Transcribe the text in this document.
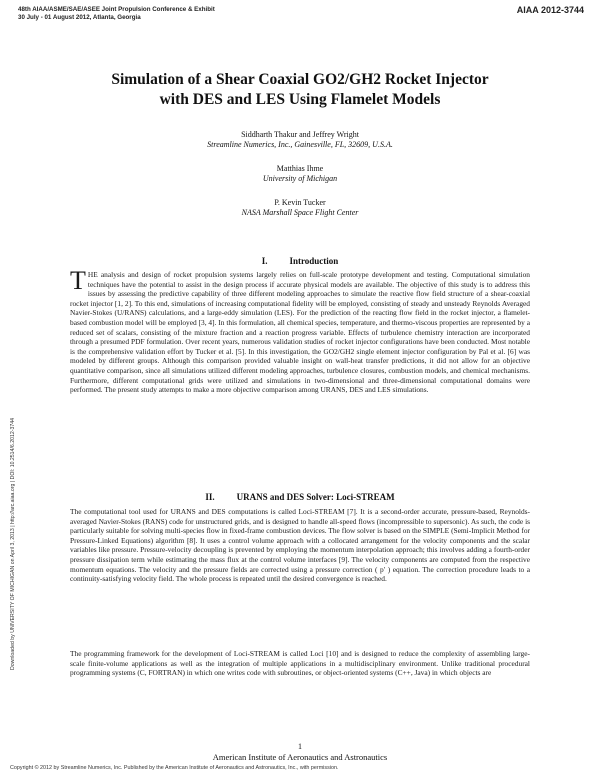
48th AIAA/ASME/SAE/ASEE Joint Propulsion Conference & Exhibit
30 July - 01 August 2012, Atlanta, Georgia
AIAA 2012-3744
Downloaded by UNIVERSITY OF MICHIGAN on April 3, 2013 | http://arc.aiaa.org | DOI: 10.2514/6.2012-3744
Simulation of a Shear Coaxial GO2/GH2 Rocket Injector
with DES and LES Using Flamelet Models
Siddharth Thakur and Jeffrey Wright
Streamline Numerics, Inc., Gainesville, FL, 32609, U.S.A.
Matthias Ihme
University of Michigan
P. Kevin Tucker
NASA Marshall Space Flight Center
I. Introduction
THE analysis and design of rocket propulsion systems largely relies on full-scale prototype development and testing. Computational simulation techniques have the potential to assist in the design process if accurate physical models are available. The objective of this study is to address this issues by assessing the predictive capability of three different modeling approaches to simulate the reactive flow field structure of a shear-coaxial rocket injector [1, 2]. To this end, simulations of increasing computational fidelity will be employed, consisting of steady and unsteady Reynolds Averaged Navier-Stokes (U/RANS) calculations, and a large-eddy simulation (LES). For the prediction of the reacting flow field in the rocket injector, a flamelet-based combustion model will be employed [3, 4]. In this formulation, all chemical species, temperature, and thermo-viscous properties are represented by a reduced set of scalars, consisting of the mixture fraction and a reaction progress variable. Effects of turbulence chemistry interaction are incorporated through a presumed PDF formulation. Over recent years, numerous validation studies of rocket injector configurations have been conducted. Most notable is the comprehensive validation effort by Tucker et al. [5]. In this investigation, the GO2/GH2 single element injector configuration by Pal et al. [6] was modeled by different groups. Although this comparison provided valuable insight on wall-heat transfer predictions, it did not allow for an objective quantitative comparison, since all simulations utilized different modeling approaches, turbulence closures, combustion models, and chemical mechanisms. Furthermore, different computational grids were utilized and simulations in two-dimensional and three-dimensional computational domains were performed. The present study attempts to make a more objective comparison among URANS, DES and LES simulations.
II. URANS and DES Solver: Loci-STREAM
The computational tool used for URANS and DES computations is called Loci-STREAM [7]. It is a second-order accurate, pressure-based, Reynolds-averaged Navier-Stokes (RANS) code for unstructured grids, and is designed to handle all-speed flows (incompressible to supersonic). As such, the code is particularly suitable for solving multi-species flow in fixed-frame combustion devices. The flow solver is based on the SIMPLE (Semi-Implicit Method for Pressure-Linked Equations) algorithm [8]. It uses a control volume approach with a collocated arrangement for the velocity components and the scalar variables like pressure. Pressure-velocity decoupling is prevented by employing the momentum interpolation approach; this involves adding a fourth-order pressure dissipation term while estimating the mass flux at the control volume interfaces [9]. The velocity components are computed from the respective momentum equations. The velocity and the pressure fields are corrected using a pressure correction ( p′ ) equation. The correction procedure leads to a continuity-satisfying velocity field. The whole process is repeated until the desired convergence is reached.
The programming framework for the development of Loci-STREAM is called Loci [10] and is designed to reduce the complexity of assembling large-scale finite-volume applications as well as the integration of multiple applications in a multidisciplinary environment. Unlike traditional procedural programming systems (C, FORTRAN) in which one writes code with subroutines, or object-oriented systems (C++, Java) in which objects are
1
American Institute of Aeronautics and Astronautics
Copyright © 2012 by Streamline Numerics, Inc. Published by the American Institute of Aeronautics and Astronautics, Inc., with permission.
